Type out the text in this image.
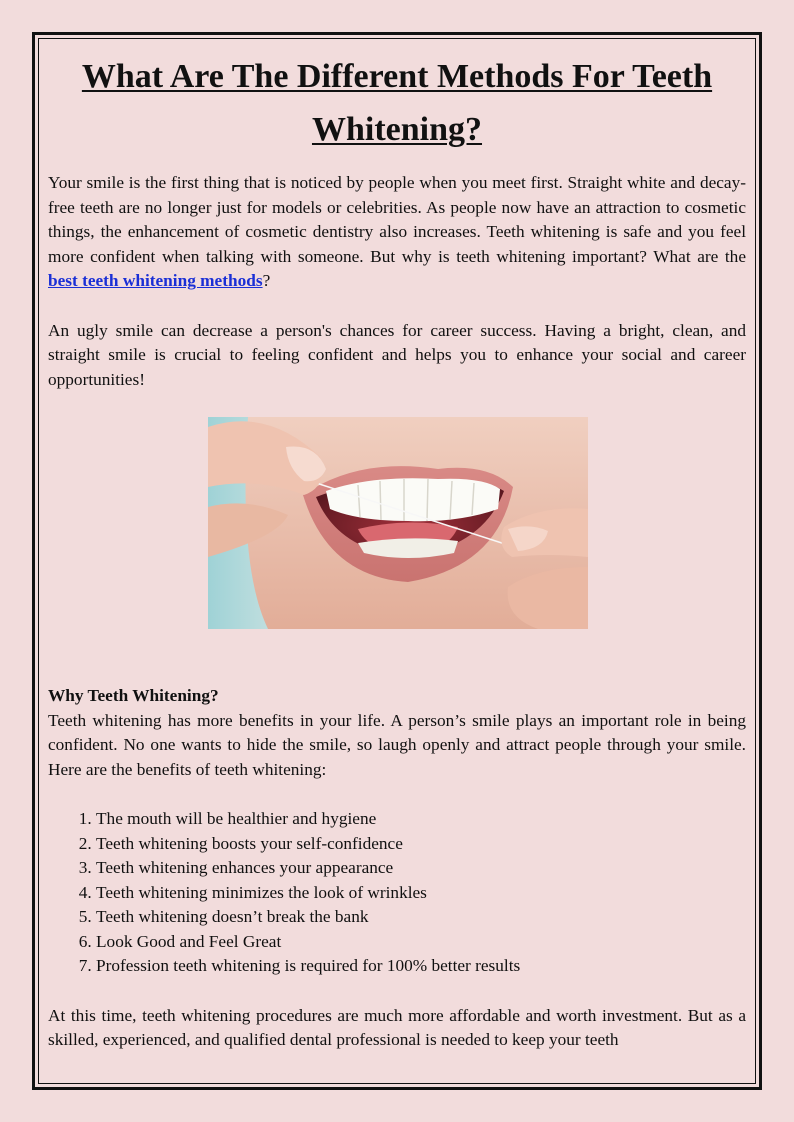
What Are The Different Methods For Teeth Whitening?

Your smile is the first thing that is noticed by people when you meet first. Straight white and decay-free teeth are no longer just for models or celebrities. As people now have an attraction to cosmetic things, the enhancement of cosmetic dentistry also increases. Teeth whitening is safe and you feel more confident when talking with someone. But why is teeth whitening important? What are the best teeth whitening methods?

An ugly smile can decrease a person's chances for career success. Having a bright, clean, and straight smile is crucial to feeling confident and helps you to enhance your social and career opportunities!

Why Teeth Whitening?

Teeth whitening has more benefits in your life. A person’s smile plays an important role in being confident. No one wants to hide the smile, so laugh openly and attract people through your smile. Here are the benefits of teeth whitening:

1. The mouth will be healthier and hygiene
2. Teeth whitening boosts your self-confidence
3. Teeth whitening enhances your appearance
4. Teeth whitening minimizes the look of wrinkles
5. Teeth whitening doesn’t break the bank
6. Look Good and Feel Great
7. Profession teeth whitening is required for 100% better results

At this time, teeth whitening procedures are much more affordable and worth investment. But as a skilled, experienced, and qualified dental professional is needed to keep your teeth
